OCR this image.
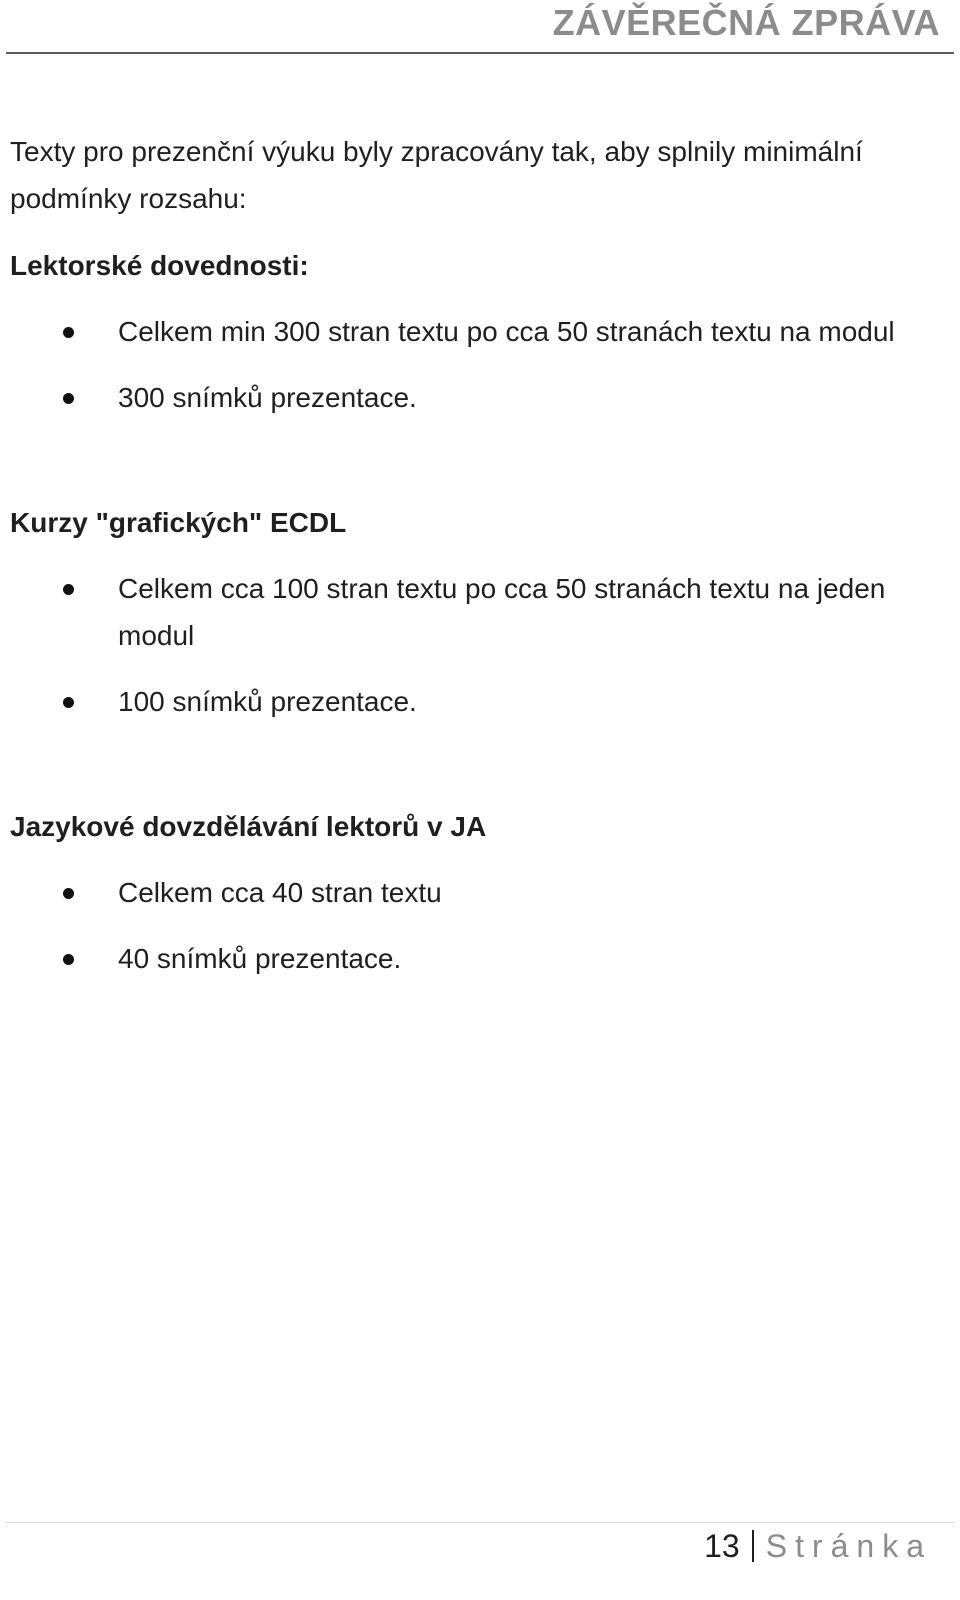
ZÁVĚREČNÁ ZPRÁVA

Texty pro prezenční výuku byly zpracovány tak, aby splnily minimální podmínky rozsahu:

Lektorské dovednosti:

Celkem min 300 stran textu po cca 50 stranách textu na modul
300 snímků prezentace.

Kurzy "grafických" ECDL

Celkem cca 100 stran textu po cca 50 stranách textu na jeden modul
100 snímků prezentace.

Jazykové dovzdělávání lektorů v JA

Celkem cca 40 stran textu
40 snímků prezentace.
13 Stránka
